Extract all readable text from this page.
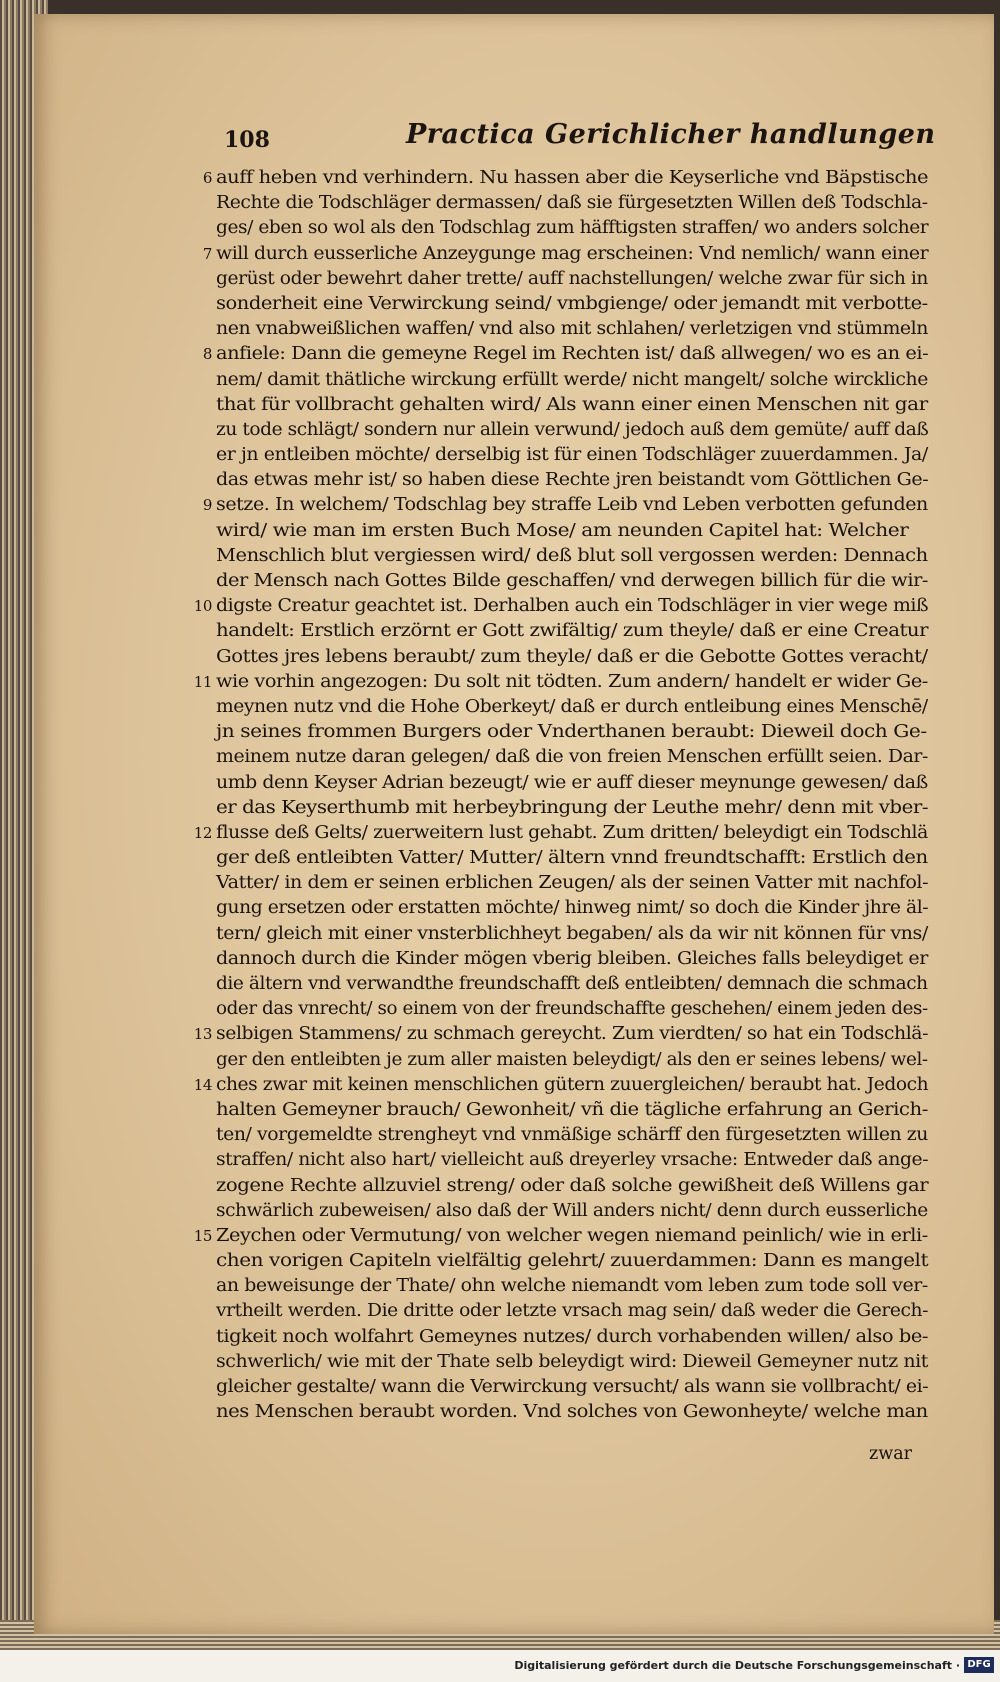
108	Practica Gerichlicher handlungen
6 auff heben vnd verhindern. Nu hassen aber die Keyserliche vnd Bäpstische
Rechte die Todschläger dermassen/ daß sie fürgesetzten Willen deß Todschla-
ges/ eben so wol als den Todschlag zum häfftigsten straffen/ wo anders solcher
7 will durch eusserliche Anzeygunge mag erscheinen: Vnd nemlich/ wann einer
gerüst oder bewehrt daher trette/ auff nachstellungen/ welche zwar für sich in
sonderheit eine Verwirckung seind/ vmbgienge/ oder jemandt mit verbotte-
nen vnabweißlichen waffen/ vnd also mit schlahen/ verletzigen vnd stümmeln
8 anfiele: Dann die gemeyne Regel im Rechten ist/ daß allwegen/ wo es an ei-
nem/ damit thätliche wirckung erfüllt werde/ nicht mangelt/ solche wirckliche
that für vollbracht gehalten wird/ Als wann einer einen Menschen nit gar
zu tode schlägt/ sondern nur allein verwund/ jedoch auß dem gemüte/ auff daß
er jn entleiben möchte/ derselbig ist für einen Todschläger zuuerdammen. Ja/
das etwas mehr ist/ so haben diese Rechte jren beistandt vom Göttlichen Ge-
9 setze. In welchem/ Todschlag bey straffe Leib vnd Leben verbotten gefunden
wird/ wie man im ersten Buch Mose/ am neunden Capitel hat: Welcher
Menschlich blut vergiessen wird/ deß blut soll vergossen werden: Dennach
der Mensch nach Gottes Bilde geschaffen/ vnd derwegen billich für die wir-
10 digste Creatur geachtet ist. Derhalben auch ein Todschläger in vier wege miß
handelt: Erstlich erzörnt er Gott zwifältig/ zum theyle/ daß er eine Creatur
Gottes jres lebens beraubt/ zum theyle/ daß er die Gebotte Gottes veracht/
11 wie vorhin angezogen: Du solt nit tödten. Zum andern/ handelt er wider Ge-
meynen nutz vnd die Hohe Oberkeyt/ daß er durch entleibung eines Menschē/
jn seines frommen Burgers oder Vnderthanen beraubt: Dieweil doch Ge-
meinem nutze daran gelegen/ daß die von freien Menschen erfüllt seien. Dar-
umb denn Keyser Adrian bezeugt/ wie er auff dieser meynunge gewesen/ daß
er das Keyserthumb mit herbeybringung der Leuthe mehr/ denn mit vber-
12 flusse deß Gelts/ zuerweitern lust gehabt. Zum dritten/ beleydigt ein Todschlä
ger deß entleibten Vatter/ Mutter/ ältern vnnd freundtschafft: Erstlich den
Vatter/ in dem er seinen erblichen Zeugen/ als der seinen Vatter mit nachfol-
gung ersetzen oder erstatten möchte/ hinweg nimt/ so doch die Kinder jhre äl-
tern/ gleich mit einer vnsterblichheyt begaben/ als da wir nit können für vns/
dannoch durch die Kinder mögen vberig bleiben. Gleiches falls beleydiget er
die ältern vnd verwandthe freundschafft deß entleibten/ demnach die schmach
oder das vnrecht/ so einem von der freundschaffte geschehen/ einem jeden des-
13 selbigen Stammens/ zu schmach gereycht. Zum vierdten/ so hat ein Todschlä-
ger den entleibten je zum aller maisten beleydigt/ als den er seines lebens/ wel-
14 ches zwar mit keinen menschlichen gütern zuuergleichen/ beraubt hat. Jedoch
halten Gemeyner brauch/ Gewonheit/ vñ die tägliche erfahrung an Gerich-
ten/ vorgemeldte strengheyt vnd vnmäßige schärff den fürgesetzten willen zu
straffen/ nicht also hart/ vielleicht auß dreyerley vrsache: Entweder daß ange-
zogene Rechte allzuviel streng/ oder daß solche gewißheit deß Willens gar
schwärlich zubeweisen/ also daß der Will anders nicht/ denn durch eusserliche
15 Zeychen oder Vermutung/ von welcher wegen niemand peinlich/ wie in erli-
chen vorigen Capiteln vielfältig gelehrt/ zuuerdammen: Dann es mangelt
an beweisunge der Thate/ ohn welche niemandt vom leben zum tode soll ver-
vrtheilt werden. Die dritte oder letzte vrsach mag sein/ daß weder die Gerech-
tigkeit noch wolfahrt Gemeynes nutzes/ durch vorhabenden willen/ also be-
schwerlich/ wie mit der Thate selb beleydigt wird: Dieweil Gemeyner nutz nit
gleicher gestalte/ wann die Verwirckung versucht/ als wann sie vollbracht/ ei-
nes Menschen beraubt worden. Vnd solches von Gewonheyte/ welche man
zwar
Digitalisierung gefördert durch die Deutsche Forschungsgemeinschaft · DFG
